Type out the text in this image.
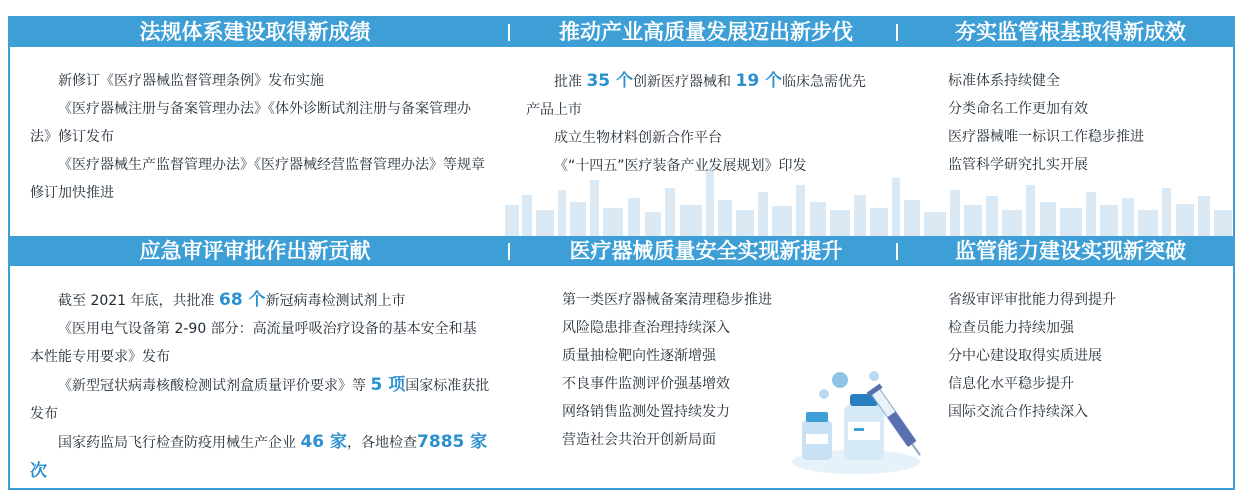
法规体系建设取得新成绩	推动产业高质量发展迈出新步伐	夯实监管根基取得新成效

新修订《医疗器械监督管理条例》发布实施

《医疗器械注册与备案管理办法》《体外诊断试剂注册与备案管理办法》修订发布

《医疗器械生产监督管理办法》《医疗器械经营监督管理办法》等规章修订加快推进

批准 35 个创新医疗器械和 19 个临床急需优先产品上市

成立生物材料创新合作平台

《“十四五”医疗装备产业发展规划》印发

标准体系持续健全

分类命名工作更加有效

医疗器械唯一标识工作稳步推进

监管科学研究扎实开展

应急审评审批作出新贡献	医疗器械质量安全实现新提升	监管能力建设实现新突破

截至 2021 年底，共批准 68 个新冠病毒检测试剂上市

《医用电气设备第 2-90 部分：高流量呼吸治疗设备的基本安全和基本性能专用要求》发布

《新型冠状病毒核酸检测试剂盒质量评价要求》等 5 项国家标准获批发布

国家药监局飞行检查防疫用械生产企业 46 家，各地检查7885 家次

第一类医疗器械备案清理稳步推进

风险隐患排查治理持续深入

质量抽检靶向性逐渐增强

不良事件监测评价强基增效

网络销售监测处置持续发力

营造社会共治开创新局面

省级审评审批能力得到提升

检查员能力持续加强

分中心建设取得实质进展

信息化水平稳步提升

国际交流合作持续深入
